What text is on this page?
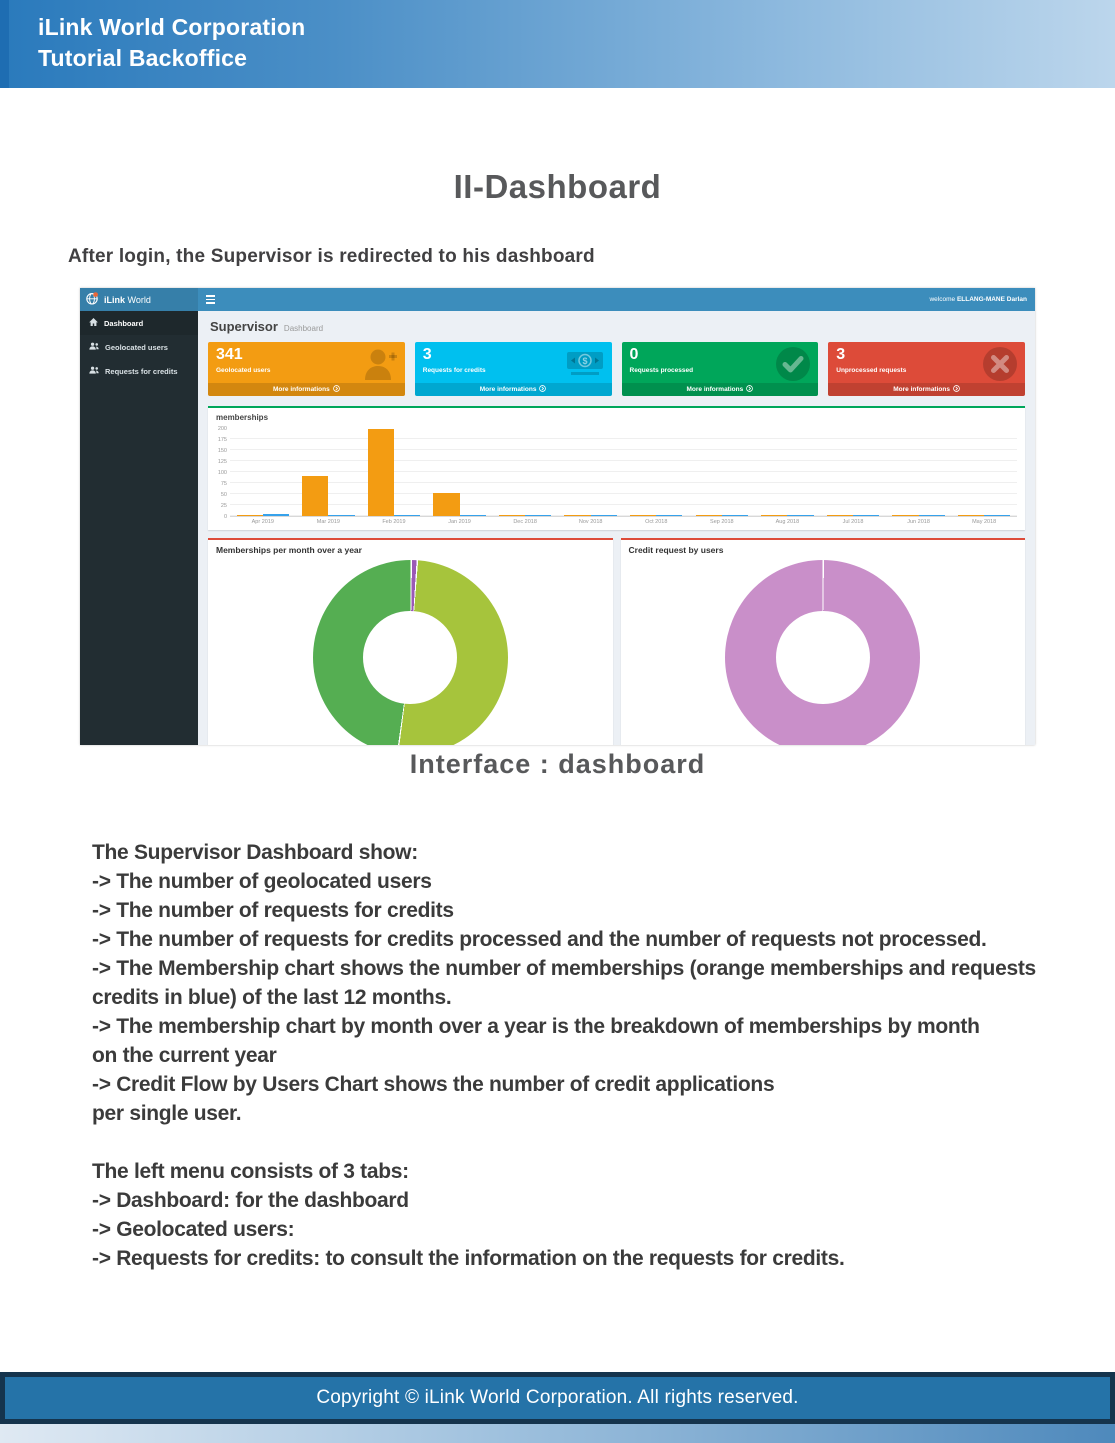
iLink World Corporation
Tutorial Backoffice
II-Dashboard
After login, the Supervisor is redirected to his dashboard
iLink World	welcome ELLANG-MANE Darlan
Dashboard
Geolocated users
Requests for credits
Supervisor Dashboard
341
Geolocated users
More informations
3
Requests for credits
$
More informations
0
Requests processed
More informations
3
Unprocessed requests
More informations
memberships
0
25
50
75
100
125
150
175
200
Apr 2019	Mar 2019	Feb 2019	Jan 2019	Dec 2018	Nov 2018	Oct 2018	Sep 2018	Aug 2018	Jul 2018	Jun 2018	May 2018
Memberships per month over a year	Credit request by users
Interface : dashboard
The Supervisor Dashboard show:
-> The number of geolocated users
-> The number of requests for credits
-> The number of requests for credits processed and the number of requests not processed.
-> The Membership chart shows the number of memberships (orange memberships and requests
credits in blue) of the last 12 months.
-> The membership chart by month over a year is the breakdown of memberships by month
on the current year
-> Credit Flow by Users Chart shows the number of credit applications
per single user.

The left menu consists of 3 tabs:
-> Dashboard: for the dashboard
-> Geolocated users:
-> Requests for credits: to consult the information on the requests for credits.
Copyright © iLink World Corporation. All rights reserved.
